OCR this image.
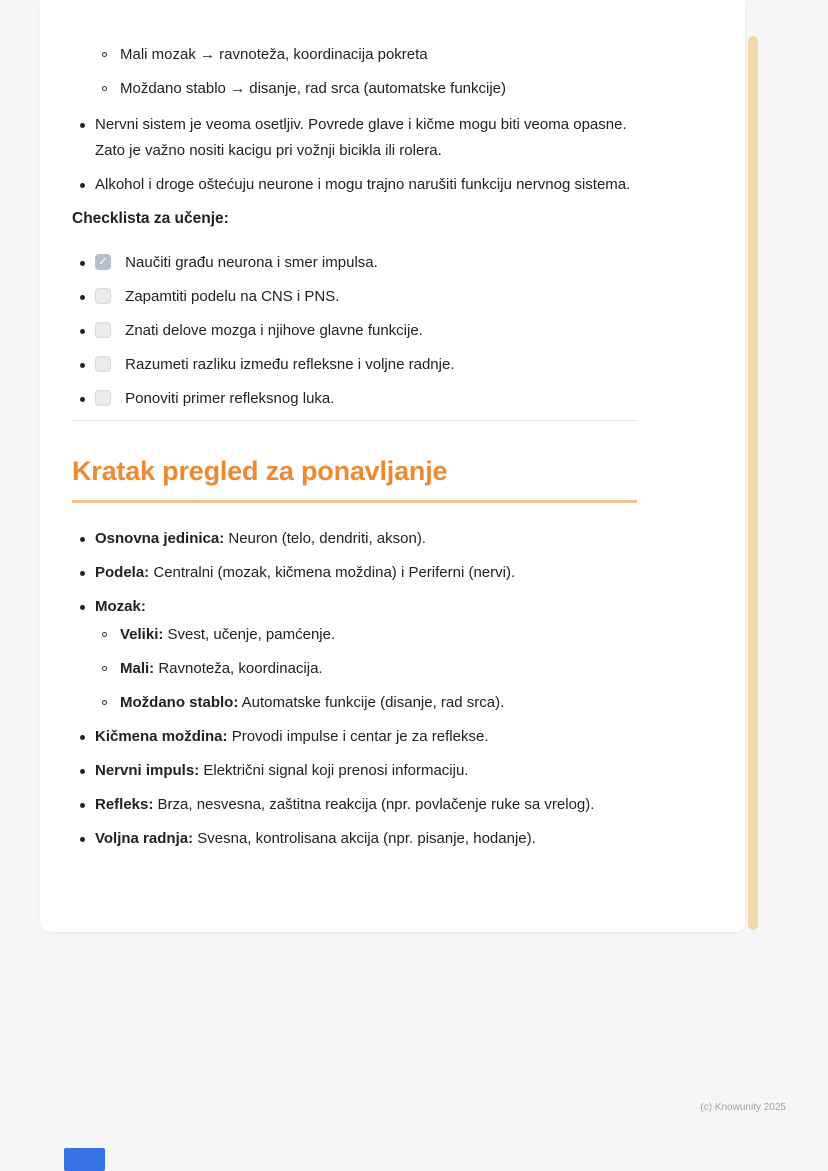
Mali mozak → ravnoteža, koordinacija pokreta
Moždano stablo → disanje, rad srca (automatske funkcije)
Nervni sistem je veoma osetljiv. Povrede glave i kičme mogu biti veoma opasne. Zato je važno nositi kacigu pri vožnji bicikla ili rolera.
Alkohol i droge oštećuju neurone i mogu trajno narušiti funkciju nervnog sistema.

Checklista za učenje:

✓ Naučiti građu neurona i smer impulsa.
Zapamtiti podelu na CNS i PNS.
Znati delove mozga i njihove glavne funkcije.
Razumeti razliku između refleksne i voljne radnje.
Ponoviti primer refleksnog luka.
Kratak pregled za ponavljanje
Osnovna jedinica: Neuron (telo, dendriti, akson).
Podela: Centralni (mozak, kičmena moždina) i Periferni (nervi).
Mozak:
Veliki: Svest, učenje, pamćenje.
Mali: Ravnoteža, koordinacija.
Moždano stablo: Automatske funkcije (disanje, rad srca).
Kičmena moždina: Provodi impulse i centar je za reflekse.
Nervni impuls: Električni signal koji prenosi informaciju.
Refleks: Brza, nesvesna, zaštitna reakcija (npr. povlačenje ruke sa vrelog).
Voljna radnja: Svesna, kontrolisana akcija (npr. pisanje, hodanje).
(c) Knowunity 2025
